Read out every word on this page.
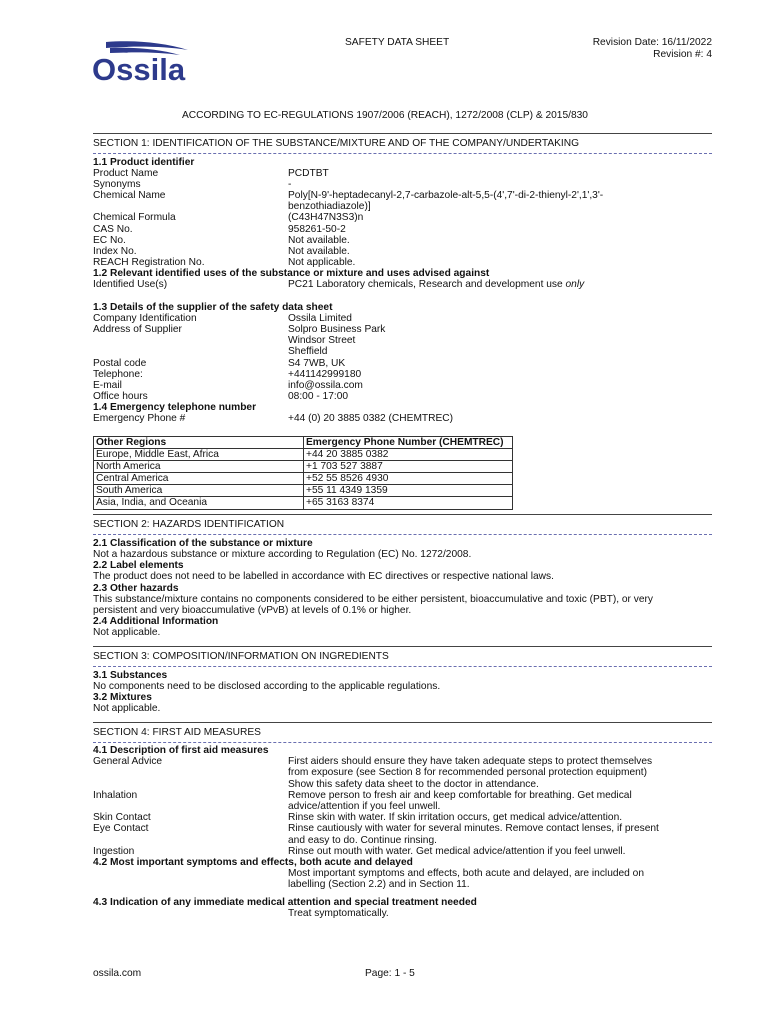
Ossila
SAFETY DATA SHEET	Revision Date: 16/11/2022
Revision #: 4
ACCORDING TO EC-REGULATIONS 1907/2006 (REACH), 1272/2008 (CLP) & 2015/830
SECTION 1: IDENTIFICATION OF THE SUBSTANCE/MIXTURE AND OF THE COMPANY/UNDERTAKING
1.1 Product identifier
Product Name	PCDTBT
Synonyms	-
Chemical Name	Poly[N-9'-heptadecanyl-2,7-carbazole-alt-5,5-(4',7'-di-2-thienyl-2',1',3'-
benzothiadiazole)]
Chemical Formula	(C43H47N3S3)n
CAS No.	958261-50-2
EC No.	Not available.
Index No.	Not available.
REACH Registration No.	Not applicable.
1.2 Relevant identified uses of the substance or mixture and uses advised against
Identified Use(s)	PC21 Laboratory chemicals, Research and development use only
1.3 Details of the supplier of the safety data sheet
Company Identification	Ossila Limited
Address of Supplier	Solpro Business Park
Windsor Street
Sheffield
Postal code	S4 7WB, UK
Telephone:	+441142999180
E-mail	info@ossila.com
Office hours	08:00 - 17:00
1.4 Emergency telephone number
Emergency Phone #	+44 (0) 20 3885 0382 (CHEMTREC)
Other Regions	Emergency Phone Number (CHEMTREC)
Europe, Middle East, Africa	+44 20 3885 0382
North America	+1 703 527 3887
Central America	+52 55 8526 4930
South America	+55 11 4349 1359
Asia, India, and Oceania	+65 3163 8374
SECTION 2: HAZARDS IDENTIFICATION
2.1 Classification of the substance or mixture
Not a hazardous substance or mixture according to Regulation (EC) No. 1272/2008.
2.2 Label elements
The product does not need to be labelled in accordance with EC directives or respective national laws.
2.3 Other hazards
This substance/mixture contains no components considered to be either persistent, bioaccumulative and toxic (PBT), or very
persistent and very bioaccumulative (vPvB) at levels of 0.1% or higher.
2.4 Additional Information
Not applicable.
SECTION 3: COMPOSITION/INFORMATION ON INGREDIENTS
3.1 Substances
No components need to be disclosed according to the applicable regulations.
3.2 Mixtures
Not applicable.
SECTION 4: FIRST AID MEASURES
4.1 Description of first aid measures
General Advice	First aiders should ensure they have taken adequate steps to protect themselves
from exposure (see Section 8 for recommended personal protection equipment)
Show this safety data sheet to the doctor in attendance.
Inhalation	Remove person to fresh air and keep comfortable for breathing. Get medical
advice/attention if you feel unwell.
Skin Contact	Rinse skin with water. If skin irritation occurs, get medical advice/attention.
Eye Contact	Rinse cautiously with water for several minutes. Remove contact lenses, if present
and easy to do. Continue rinsing.
Ingestion	Rinse out mouth with water. Get medical advice/attention if you feel unwell.
4.2 Most important symptoms and effects, both acute and delayed
Most important symptoms and effects, both acute and delayed, are included on
labelling (Section 2.2) and in Section 11.
4.3 Indication of any immediate medical attention and special treatment needed
Treat symptomatically.
ossila.com	Page: 1 - 5
